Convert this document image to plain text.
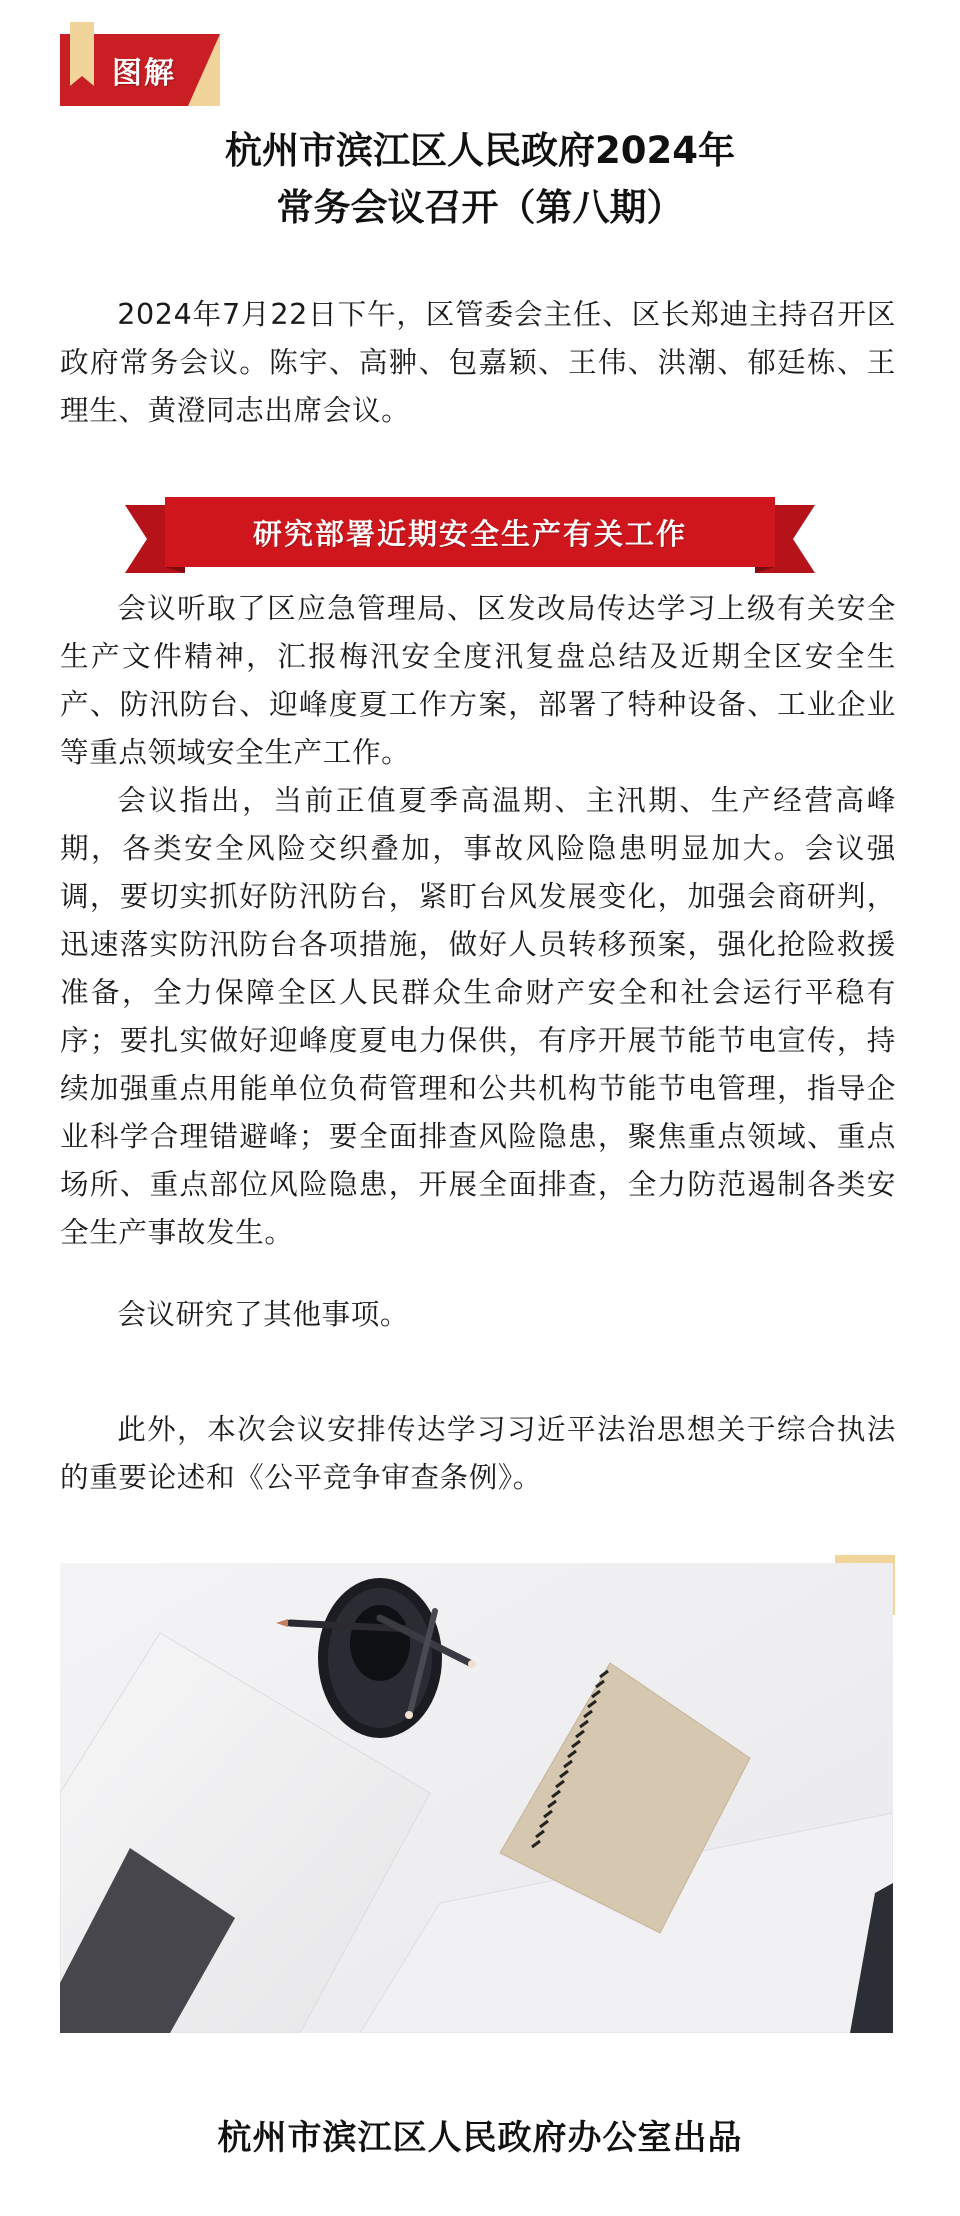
图解
杭州市滨江区人民政府2024年
常务会议召开（第八期）
2024年7月22日下午，区管委会主任、区长郑迪主持召开区政府常务会议。陈宇、高翀、包嘉颖、王伟、洪潮、郁廷栋、王理生、黄澄同志出席会议。
研究部署近期安全生产有关工作
会议听取了区应急管理局、区发改局传达学习上级有关安全生产文件精神，汇报梅汛安全度汛复盘总结及近期全区安全生产、防汛防台、迎峰度夏工作方案，部署了特种设备、工业企业等重点领域安全生产工作。
会议指出，当前正值夏季高温期、主汛期、生产经营高峰期，各类安全风险交织叠加，事故风险隐患明显加大。会议强调，要切实抓好防汛防台，紧盯台风发展变化，加强会商研判，迅速落实防汛防台各项措施，做好人员转移预案，强化抢险救援准备，全力保障全区人民群众生命财产安全和社会运行平稳有序；要扎实做好迎峰度夏电力保供，有序开展节能节电宣传，持续加强重点用能单位负荷管理和公共机构节能节电管理，指导企业科学合理错避峰；要全面排查风险隐患，聚焦重点领域、重点场所、重点部位风险隐患，开展全面排查，全力防范遏制各类安全生产事故发生。
会议研究了其他事项。
此外，本次会议安排传达学习习近平法治思想关于综合执法的重要论述和《公平竞争审查条例》。
杭州市滨江区人民政府办公室出品
